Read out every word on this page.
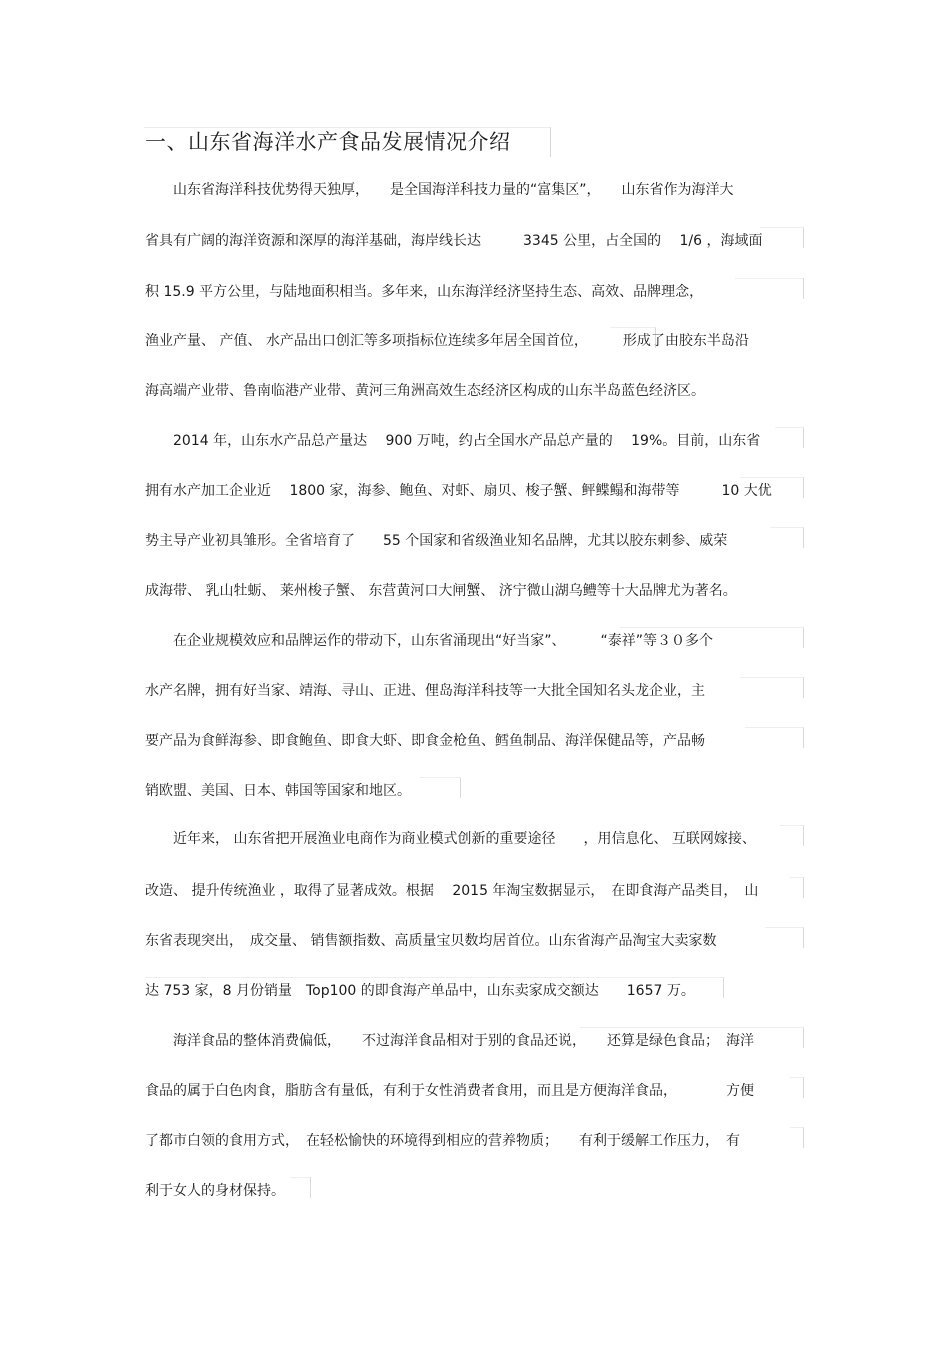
一、山东省海洋水产食品发展情况介绍
　　山东省海洋科技优势得天独厚，　　是全国海洋科技力量的“富集区”，　　山东省作为海洋大
省具有广阔的海洋资源和深厚的海洋基础，海岸线长达　　　3345 公里，占全国的　 1/6 ，海域面
积 15.9 平方公里，与陆地面积相当。多年来，山东海洋经济坚持生态、高效、品牌理念，
渔业产量、 产值、 水产品出口创汇等多项指标位连续多年居全国首位，　　　形成了由胶东半岛沿
海高端产业带、鲁南临港产业带、黄河三角洲高效生态经济区构成的山东半岛蓝色经济区。
　　2014 年，山东水产品总产量达　 900 万吨，约占全国水产品总产量的　 19%。目前，山东省
拥有水产加工企业近　 1800 家，海参、鲍鱼、对虾、扇贝、梭子蟹、鲆鲽鳎和海带等　　　10 大优
势主导产业初具雏形。全省培育了　　55 个国家和省级渔业知名品牌，尤其以胶东刺参、威荣
成海带、 乳山牡蛎、 莱州梭子蟹、 东营黄河口大闸蟹、 济宁微山湖乌鳢等十大品牌尤为著名。
　　在企业规模效应和品牌运作的带动下，山东省涌现出“好当家”、　　　“泰祥”等３０多个
水产名牌，拥有好当家、靖海、寻山、正进、俚岛海洋科技等一大批全国知名头龙企业，主
要产品为食鲜海参、即食鲍鱼、即食大虾、即食金枪鱼、鳕鱼制品、海洋保健品等，产品畅
销欧盟、美国、日本、韩国等国家和地区。
　　近年来， 山东省把开展渔业电商作为商业模式创新的重要途径　　，用信息化、 互联网嫁接、
改造、 提升传统渔业 ，取得了显著成效。根据　 2015 年淘宝数据显示，　在即食海产品类目，　山
东省表现突出，　成交量、 销售额指数、高质量宝贝数均居首位。山东省海产品淘宝大卖家数
达 753 家，8 月份销量　Top100 的即食海产单品中，山东卖家成交额达　　1657 万。
　　海洋食品的整体消费偏低，　　不过海洋食品相对于别的食品还说，　　还算是绿色食品；　海洋
食品的属于白色肉食，脂肪含有量低，有利于女性消费者食用，而且是方便海洋食品，　　　　方便
了都市白领的食用方式，　在轻松愉快的环境得到相应的营养物质；　　有利于缓解工作压力，　有
利于女人的身材保持。
